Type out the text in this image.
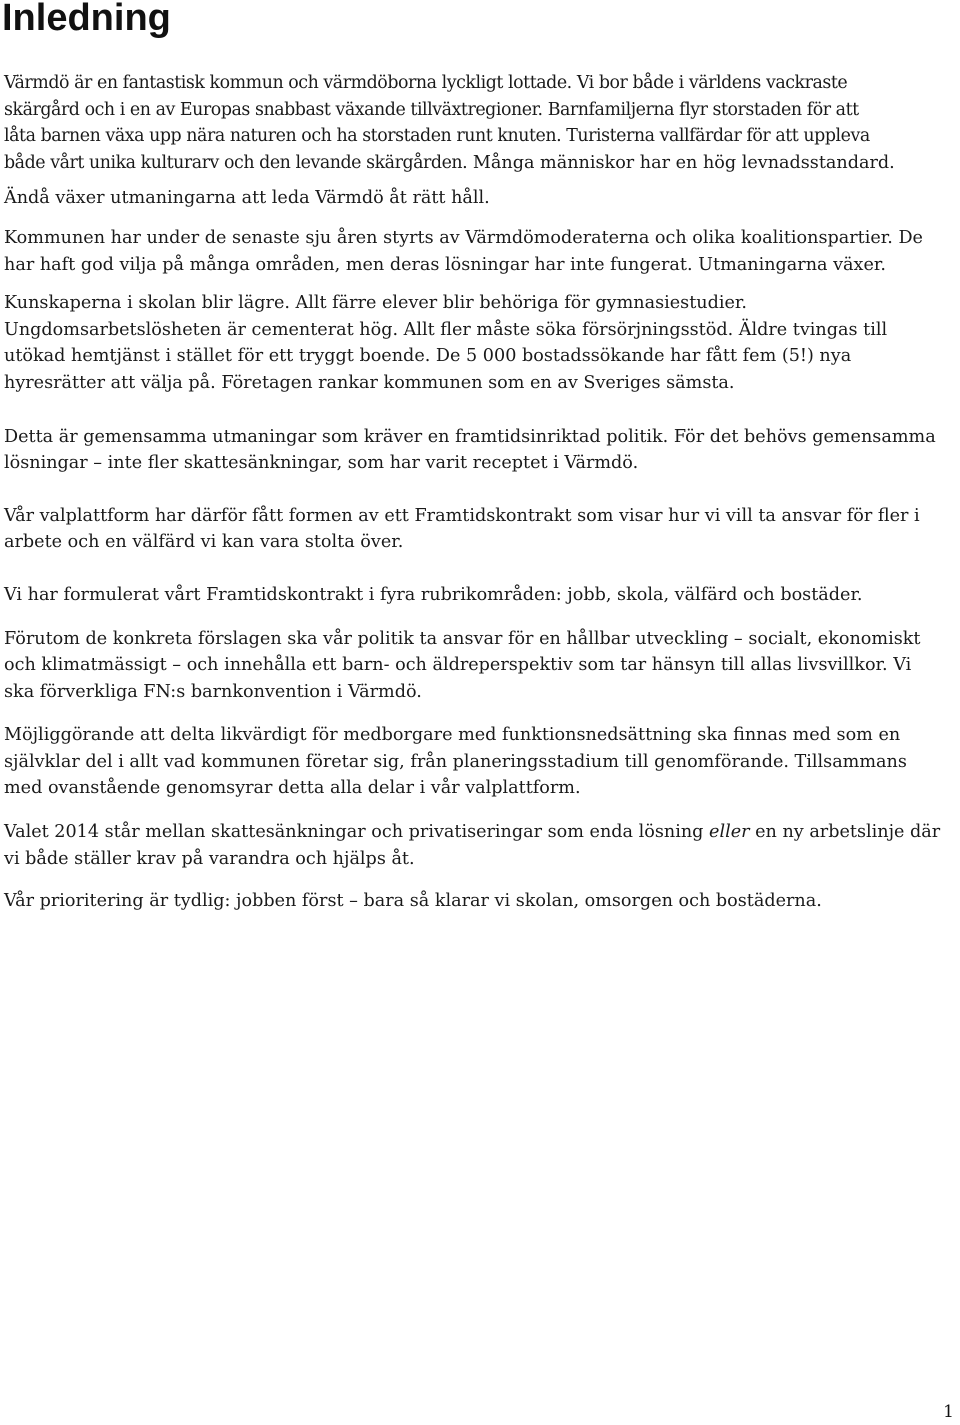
Inledning

Värmdö är en fantastisk kommun och värmdöborna lyckligt lottade. Vi bor både i världens vackraste
skärgård och i en av Europas snabbast växande tillväxtregioner. Barnfamiljerna flyr storstaden för att
låta barnen växa upp nära naturen och ha storstaden runt knuten. Turisterna vallfärdar för att uppleva
både vårt unika kulturarv och den levande skärgården. Många människor har en hög levnadsstandard.

Ändå växer utmaningarna att leda Värmdö åt rätt håll.

Kommunen har under de senaste sju åren styrts av Värmdömoderaterna och olika koalitionspartier. De
har haft god vilja på många områden, men deras lösningar har inte fungerat. Utmaningarna växer.

Kunskaperna i skolan blir lägre. Allt färre elever blir behöriga för gymnasiestudier.
Ungdomsarbetslösheten är cementerat hög. Allt fler måste söka försörjningsstöd. Äldre tvingas till
utökad hemtjänst i stället för ett tryggt boende. De 5 000 bostadssökande har fått fem (5!) nya
hyresrätter att välja på. Företagen rankar kommunen som en av Sveriges sämsta.

Detta är gemensamma utmaningar som kräver en framtidsinriktad politik. För det behövs gemensamma
lösningar – inte fler skattesänkningar, som har varit receptet i Värmdö.

Vår valplattform har därför fått formen av ett Framtidskontrakt som visar hur vi vill ta ansvar för fler i
arbete och en välfärd vi kan vara stolta över.

Vi har formulerat vårt Framtidskontrakt i fyra rubrikområden: jobb, skola, välfärd och bostäder.

Förutom de konkreta förslagen ska vår politik ta ansvar för en hållbar utveckling – socialt, ekonomiskt
och klimatmässigt – och innehålla ett barn- och äldreperspektiv som tar hänsyn till allas livsvillkor. Vi
ska förverkliga FN:s barnkonvention i Värmdö.

Möjliggörande att delta likvärdigt för medborgare med funktionsnedsättning ska finnas med som en
självklar del i allt vad kommunen företar sig, från planeringsstadium till genomförande. Tillsammans
med ovanstående genomsyrar detta alla delar i vår valplattform.

Valet 2014 står mellan skattesänkningar och privatiseringar som enda lösning eller en ny arbetslinje där
vi både ställer krav på varandra och hjälps åt.

Vår prioritering är tydlig: jobben först – bara så klarar vi skolan, omsorgen och bostäderna.

1
